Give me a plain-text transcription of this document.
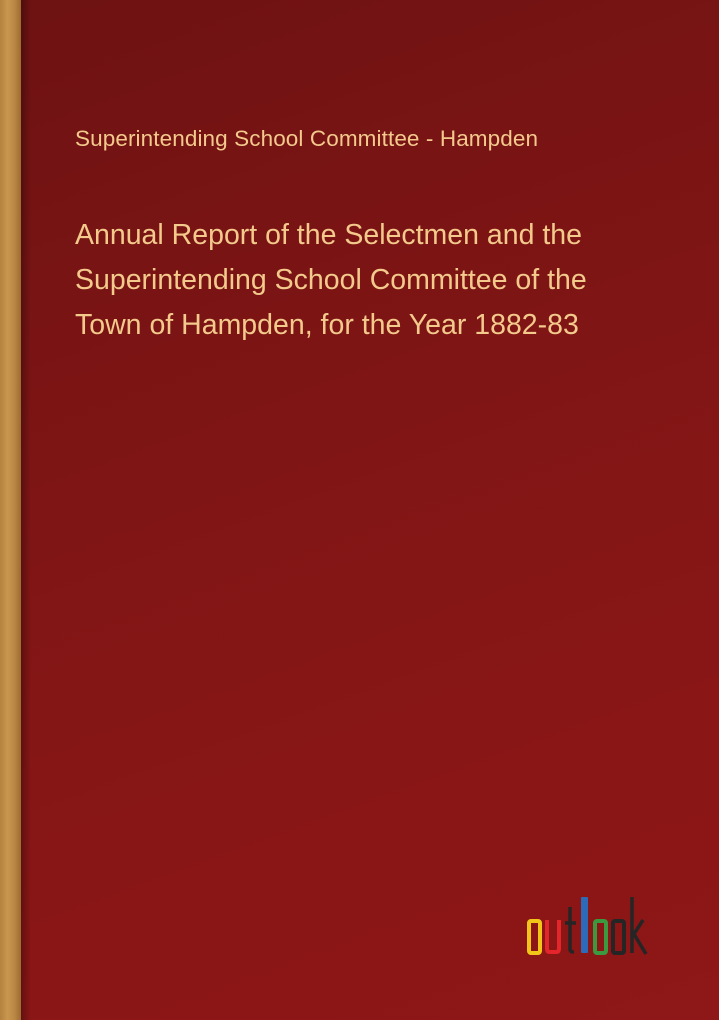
Superintending School Committee - Hampden
Annual Report of the Selectmen and the
Superintending School Committee of the
Town of Hampden, for the Year 1882-83
